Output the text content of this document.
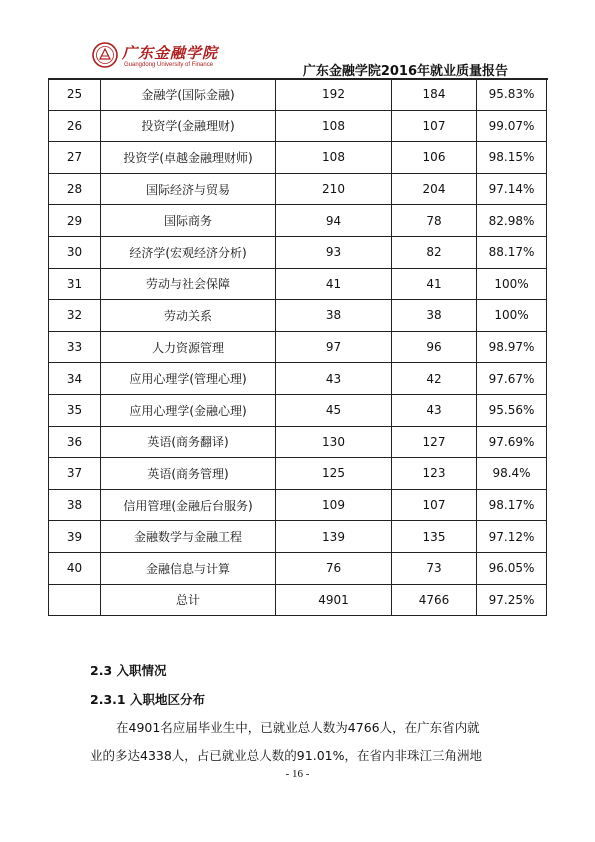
广东金融学院
Guangdong University of Finance	广东金融学院2016年就业质量报告
25	金融学(国际金融)	192	184	95.83%
26	投资学(金融理财)	108	107	99.07%
27	投资学(卓越金融理财师)	108	106	98.15%
28	国际经济与贸易	210	204	97.14%
29	国际商务	94	78	82.98%
30	经济学(宏观经济分析)	93	82	88.17%
31	劳动与社会保障	41	41	100%
32	劳动关系	38	38	100%
33	人力资源管理	97	96	98.97%
34	应用心理学(管理心理)	43	42	97.67%
35	应用心理学(金融心理)	45	43	95.56%
36	英语(商务翻译)	130	127	97.69%
37	英语(商务管理)	125	123	98.4%
38	信用管理(金融后台服务)	109	107	98.17%
39	金融数学与金融工程	139	135	97.12%
40	金融信息与计算	76	73	96.05%
	总计	4901	4766	97.25%
2.3 入职情况
2.3.1 入职地区分布
在4901名应届毕业生中，已就业总人数为4766人，在广东省内就
业的多达4338人，占已就业总人数的91.01%，在省内非珠江三角洲地
- 16 -
